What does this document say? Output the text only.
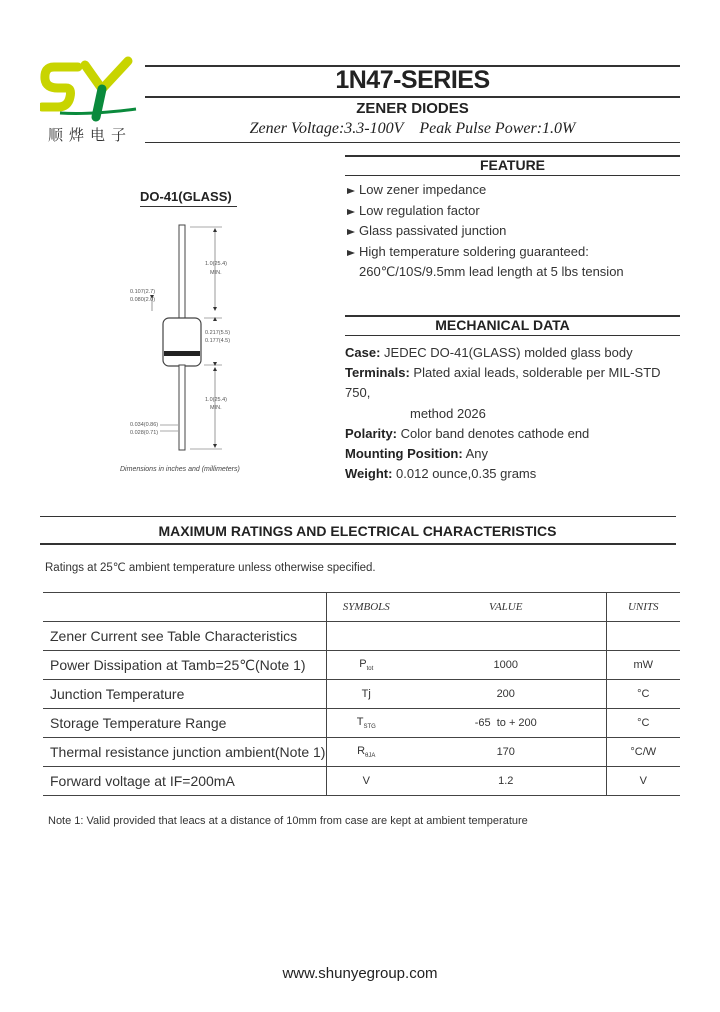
顺烨电子
1N47-SERIES
ZENER DIODES
Zener Voltage:3.3-100V Peak Pulse Power:1.0W
FEATURE
Low zener impedance
Low regulation factor
Glass passivated junction
High temperature soldering guaranteed:
260℃/10S/9.5mm lead length at 5 lbs tension
DO-41(GLASS)
1.0(25.4)
MIN.
0.107(2.7)
0.080(2.0)
0.217(5.5)
0.177(4.5)
1.0(25.4)
MIN.
0.034(0.86)
0.028(0.71)
Dimensions in inches and (millimeters)
MECHANICAL DATA
Case: JEDEC DO-41(GLASS) molded glass body
Terminals: Plated axial leads, solderable per MIL-STD 750,
method 2026
Polarity: Color band denotes cathode end
Mounting Position: Any
Weight: 0.012 ounce,0.35 grams
MAXIMUM RATINGS AND ELECTRICAL CHARACTERISTICS
Ratings at 25℃ ambient temperature unless otherwise specified.
	SYMBOLS	VALUE	UNITS
Zener Current see Table Characteristics			
Power Dissipation at Tamb=25℃(Note 1)	$P_{tot}$	1000	mW
Junction Temperature	Tj	200	°C
Storage Temperature Range	$T_{STG}$	-65  to + 200	°C
Thermal resistance junction ambient(Note 1)	$R_{\theta JA}$	170	°C/W
Forward voltage at IF=200mA	V	1.2	V
Note 1: Valid provided that leacs at a distance of 10mm from case are kept at ambient temperature
www.shunyegroup.com
